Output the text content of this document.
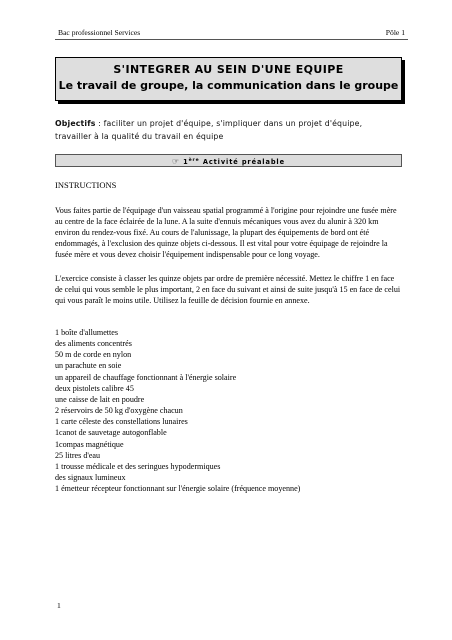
Bac professionnel Services	Pôle 1
S'INTEGRER AU SEIN D'UNE EQUIPE
Le travail de groupe, la communication dans le groupe
Objectifs : faciliter un projet d'équipe, s'impliquer dans un projet d'équipe, travailler à la qualité du travail en équipe
☞ 1ère Activité préalable
INSTRUCTIONS
Vous faites partie de l'équipage d'un vaisseau spatial programmé à l'origine pour rejoindre une fusée mère au centre de la face éclairée de la lune. A la suite d'ennuis mécaniques vous avez du alunir à 320 km environ du rendez-vous fixé. Au cours de l'alunissage, la plupart des équipements de bord ont été endommagés, à l'exclusion des quinze objets ci-dessous. Il est vital pour votre équipage de rejoindre la fusée mère et vous devez choisir l'équipement indispensable pour ce long voyage.
L'exercice consiste à classer les quinze objets par ordre de première nécessité. Mettez le chiffre 1 en face de celui qui vous semble le plus important, 2 en face du suivant et ainsi de suite jusqu'à 15 en face de celui qui vous paraît le moins utile. Utilisez la feuille de décision fournie en annexe.
1 boîte d'allumettes
des aliments concentrés
50 m de corde en nylon
un parachute en soie
un appareil de chauffage fonctionnant à l'énergie solaire
deux pistolets calibre 45
une caisse de lait en poudre
2 réservoirs de 50 kg d'oxygène chacun
1 carte céleste des constellations lunaires
1canot de sauvetage autogonflable
1compas magnétique
25 litres d'eau
1 trousse médicale et des seringues hypodermiques
des signaux lumineux
1 émetteur récepteur fonctionnant sur l'énergie solaire (fréquence moyenne)
1
